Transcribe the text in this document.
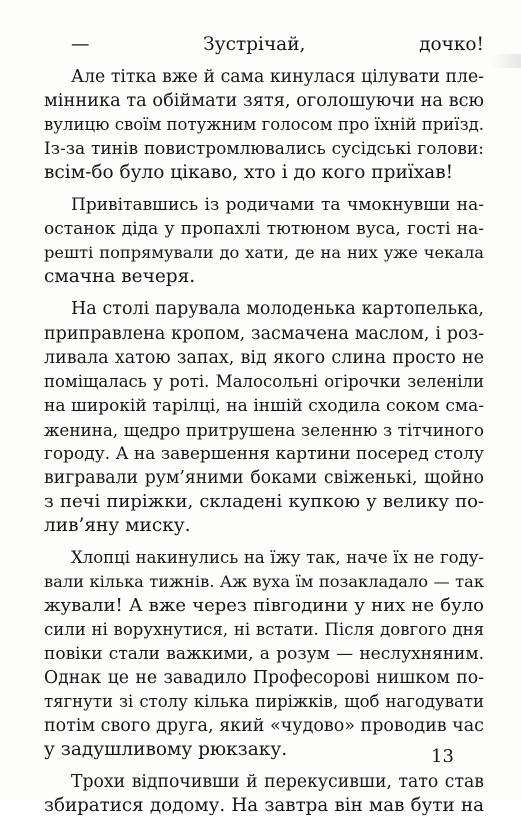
— Зустрічай, дочко!

Але тітка вже й сама кинулася цілувати пле-
мінника та обіймати зятя, оголошуючи на всю
вулицю своїм потужним голосом про їхній приїзд.
Із-за тинів повистромлювались сусідські голови:
всім-бо було цікаво, хто і до кого приїхав!

Привітавшись із родичами та чмокнувши на-
останок діда у пропахлі тютюном вуса, гості на-
решті попрямували до хати, де на них уже чекала
смачна вечеря.

На столі парувала молоденька картопелька,
приправлена кропом, засмачена маслом, і роз-
ливала хатою запах, від якого слина просто не
поміщалась у роті. Малосольні огірочки зеленіли
на широкій тарілці, на іншій сходила соком сма-
женина, щедро притрушена зеленню з тітчиного
городу. А на завершення картини посеред столу
вигравали рум’яними боками свіженькі, щойно
з печі пиріжки, складені купкою у велику по-
лив’яну миску.

Хлопці накинулись на їжу так, наче їх не году-
вали кілька тижнів. Аж вуха їм позакладало — так
жували! А вже через півгодини у них не було
сили ні ворухнутися, ні встати. Після довгого дня
повіки стали важкими, а розум — неслухняним.
Однак це не завадило Професорові нишком по-
тягнути зі столу кілька пиріжків, щоб нагодувати
потім свого друга, який «чудово» проводив час
у задушливому рюкзаку.

Трохи відпочивши й перекусивши, тато став
збиратися додому. На завтра він мав бути на

13
